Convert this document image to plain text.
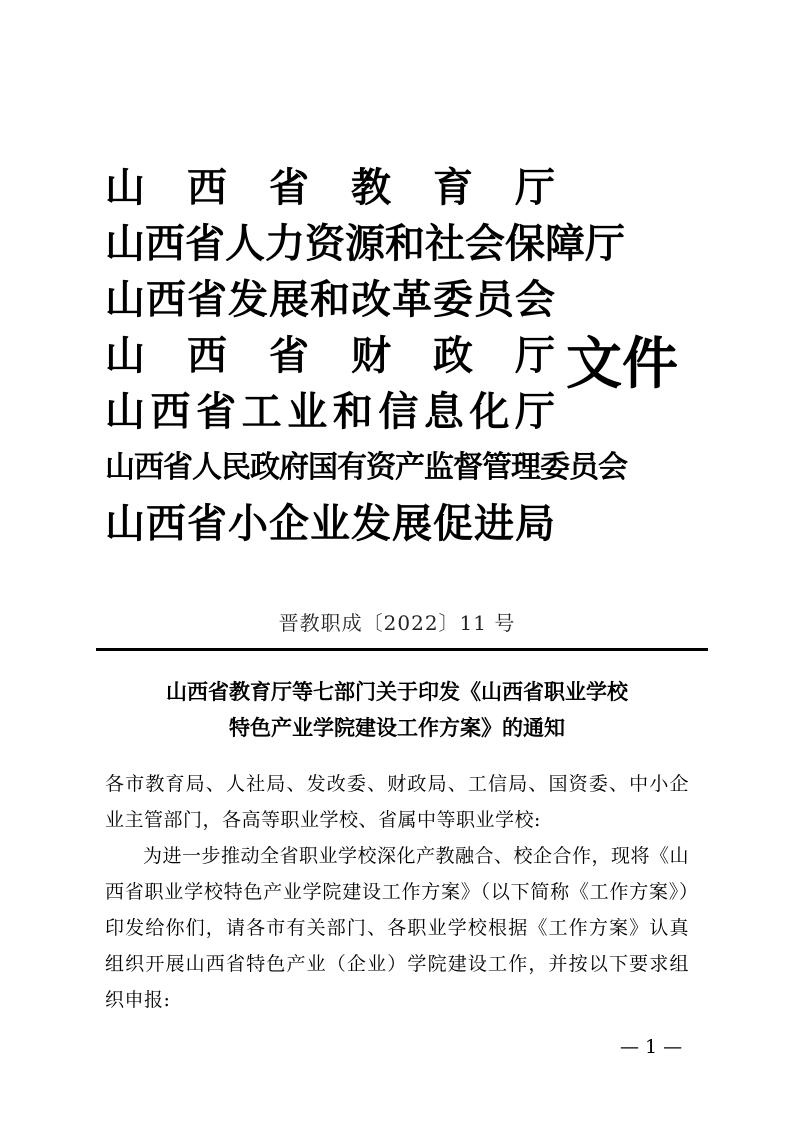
山西省教育厅
山西省人力资源和社会保障厅
山西省发展和改革委员会
山西省财政厅
山西省工业和信息化厅
山西省人民政府国有资产监督管理委员会
山西省小企业发展促进局
文件
晋教职成〔2022〕11 号
山西省教育厅等七部门关于印发《山西省职业学校
特色产业学院建设工作方案》的通知

各市教育局、人社局、发改委、财政局、工信局、国资委、中小企业主管部门，各高等职业学校、省属中等职业学校:

为进一步推动全省职业学校深化产教融合、校企合作，现将《山西省职业学校特色产业学院建设工作方案》（以下简称《工作方案》）印发给你们，请各市有关部门、各职业学校根据《工作方案》认真组织开展山西省特色产业（企业）学院建设工作，并按以下要求组织申报:

— 1 —
